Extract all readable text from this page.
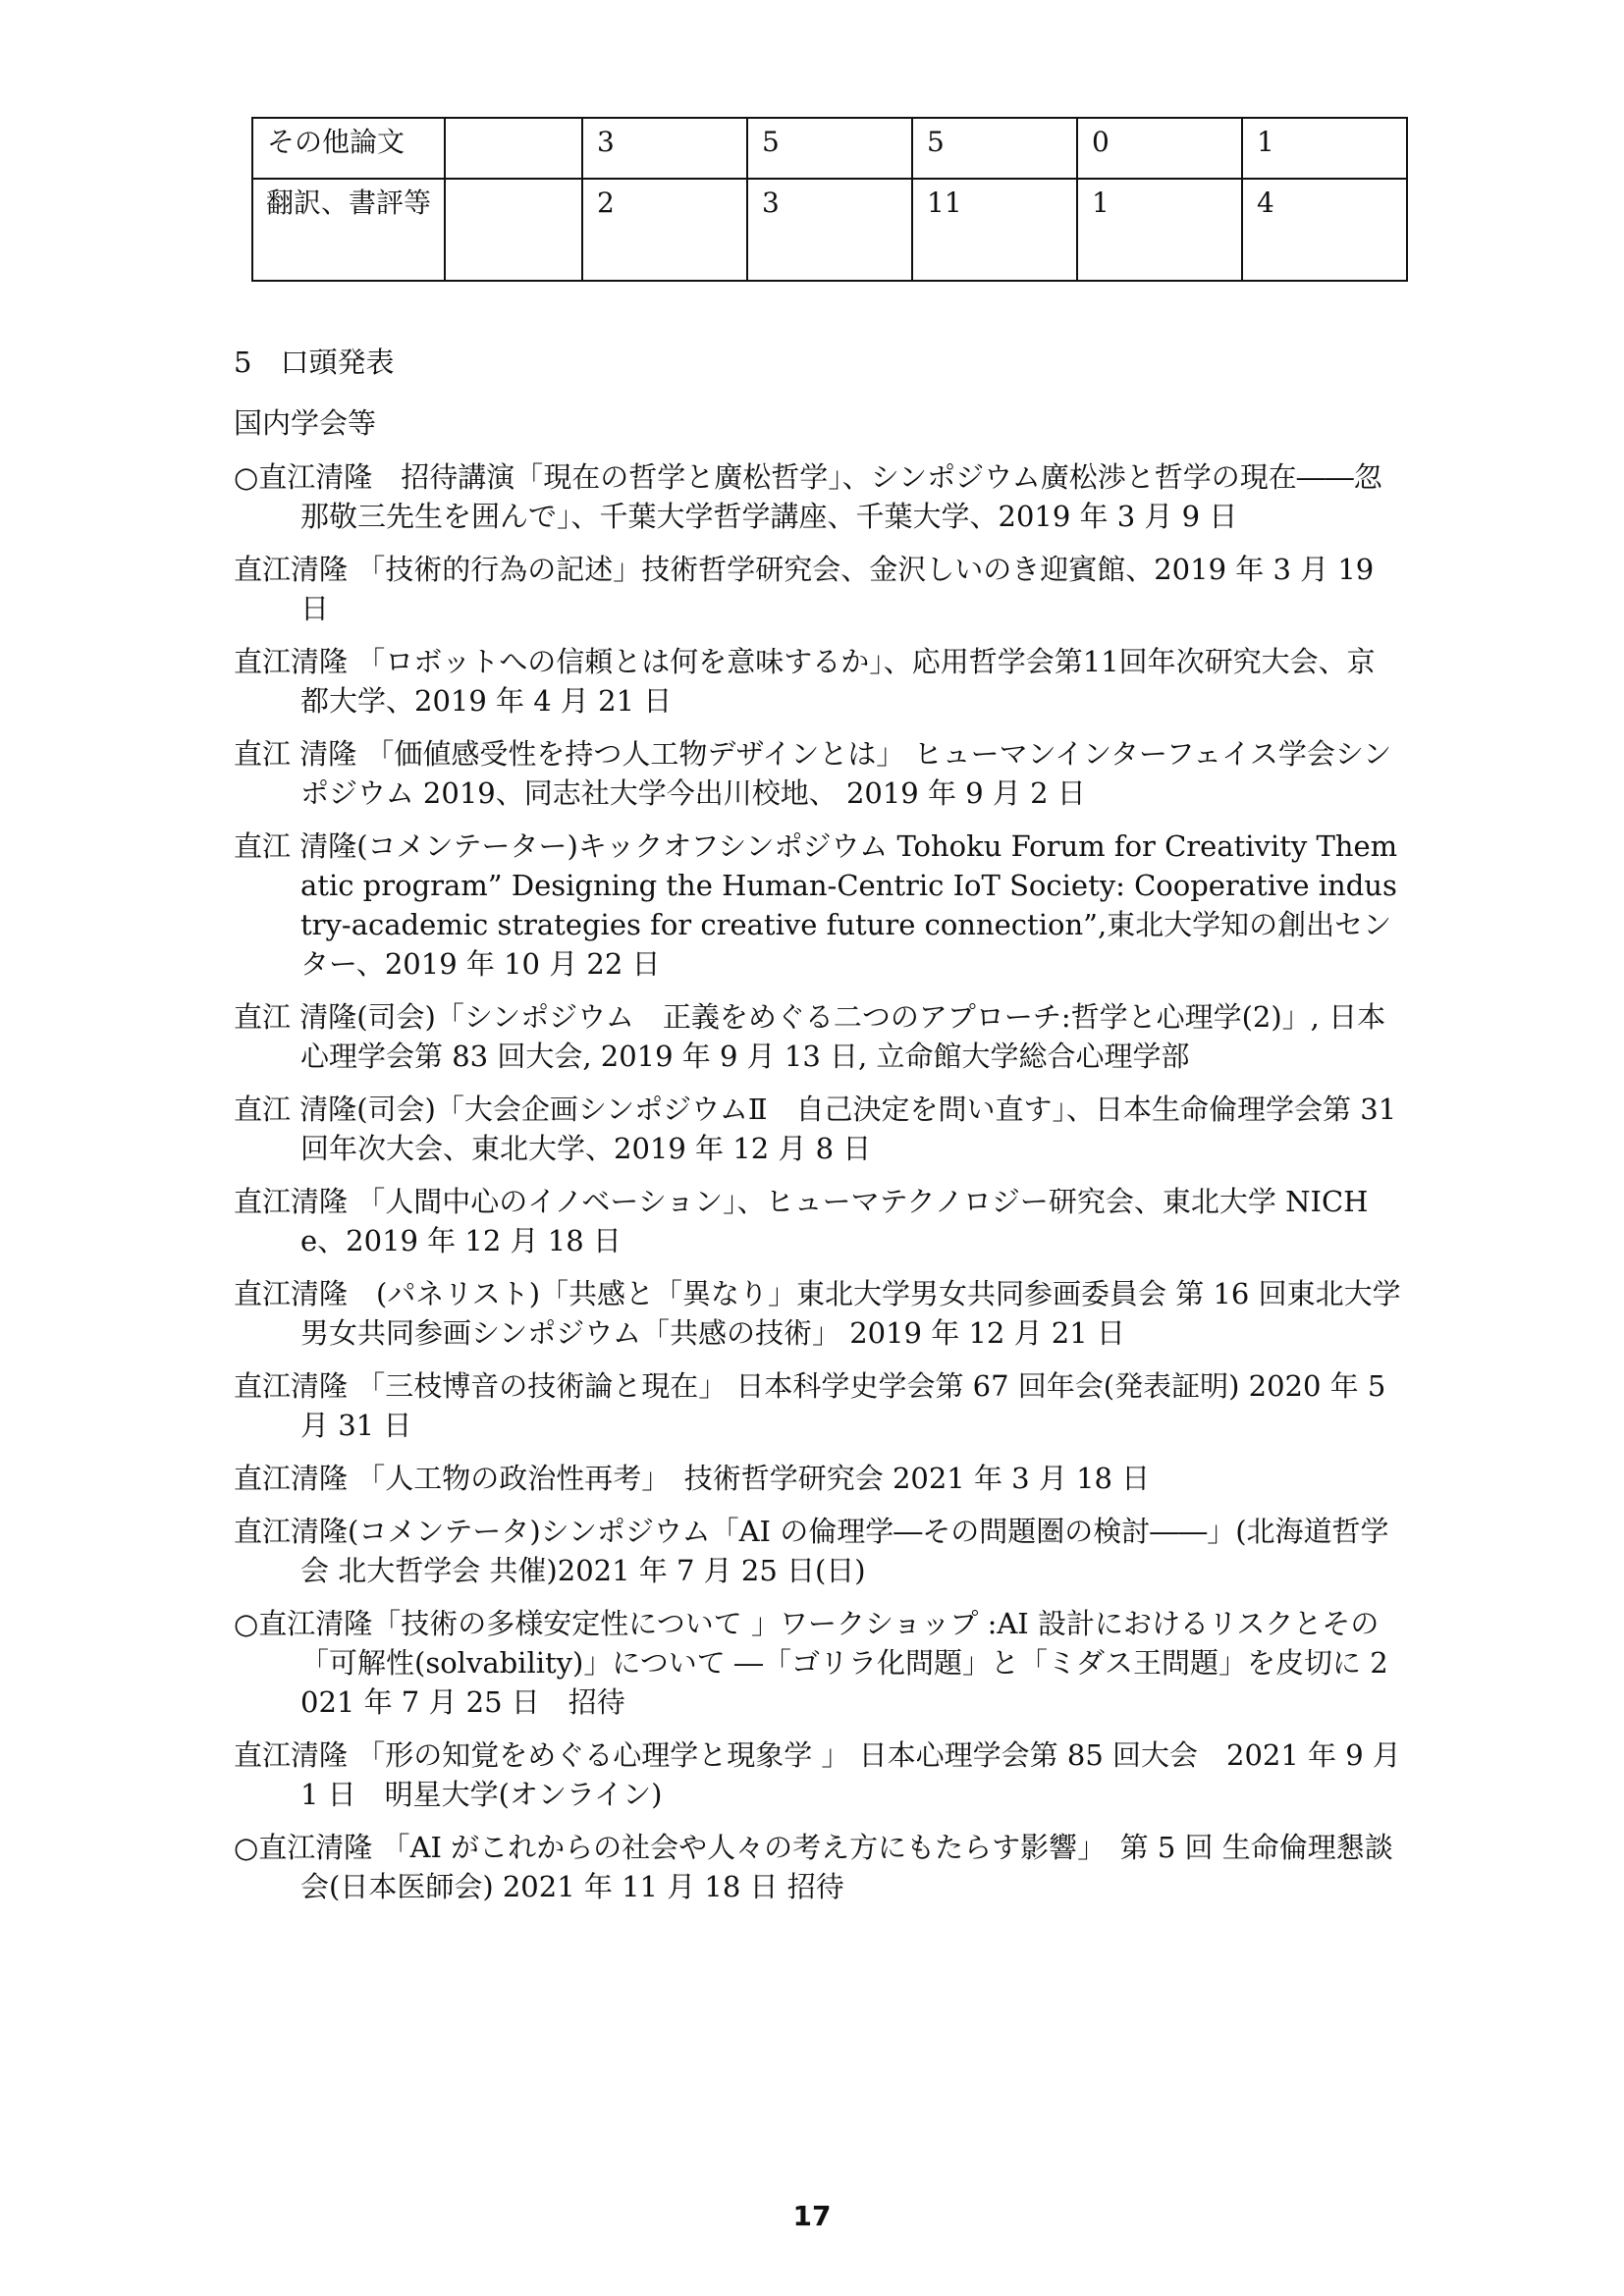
その他論文		3	5	5	0	1
翻訳、書評等		2	3	11	1	4
5　口頭発表
国内学会等

○直江清隆　招待講演「現在の哲学と廣松哲学」、シンポジウム廣松渉と哲学の現在――忽那敬三先生を囲んで」、千葉大学哲学講座、千葉大学、2019 年 3 月 9 日

直江清隆 「技術的行為の記述」技術哲学研究会、金沢しいのき迎賓館、2019 年 3 月 19 日

直江清隆 「ロボットへの信頼とは何を意味するか」、応用哲学会第11回年次研究大会、京都大学、2019 年 4 月 21 日

直江 清隆 「価値感受性を持つ人工物デザインとは」 ヒューマンインターフェイス学会シンポジウム 2019、同志社大学今出川校地、 2019 年 9 月 2 日

直江 清隆(コメンテーター)キックオフシンポジウム Tohoku Forum for Creativity Thematic program” Designing the Human-Centric IoT Society: Cooperative industry-academic strategies for creative future connection”,東北大学知の創出センター、2019 年 10 月 22 日

直江 清隆(司会)「シンポジウム　正義をめぐる二つのアプローチ:哲学と心理学(2)」, 日本心理学会第 83 回大会, 2019 年 9 月 13 日, 立命館大学総合心理学部

直江 清隆(司会)「大会企画シンポジウムⅡ　自己決定を問い直す」、日本生命倫理学会第 31 回年次大会、東北大学、2019 年 12 月 8 日

直江清隆 「人間中心のイノベーション」、ヒューマテクノロジー研究会、東北大学 NICHe、2019 年 12 月 18 日

直江清隆　(パネリスト)「共感と「異なり」東北大学男女共同参画委員会 第 16 回東北大学男女共同参画シンポジウム「共感の技術」 2019 年 12 月 21 日

直江清隆 「三枝博音の技術論と現在」 日本科学史学会第 67 回年会(発表証明) 2020 年 5 月 31 日

直江清隆 「人工物の政治性再考」　技術哲学研究会 2021 年 3 月 18 日

直江清隆(コメンテータ)シンポジウム「AI の倫理学―その問題圏の検討――」(北海道哲学会 北大哲学会 共催)2021 年 7 月 25 日(日)

○直江清隆「技術の多様安定性について 」ワークショップ :AI 設計におけるリスクとその「可解性(solvability)」について ―「ゴリラ化問題」と「ミダス王問題」を皮切に 2021 年 7 月 25 日　招待

直江清隆 「形の知覚をめぐる心理学と現象学 」 日本心理学会第 85 回大会　2021 年 9 月 1 日　明星大学(オンライン)

○直江清隆 「AI がこれからの社会や人々の考え方にもたらす影響」　第 5 回 生命倫理懇談会(日本医師会) 2021 年 11 月 18 日 招待

17
